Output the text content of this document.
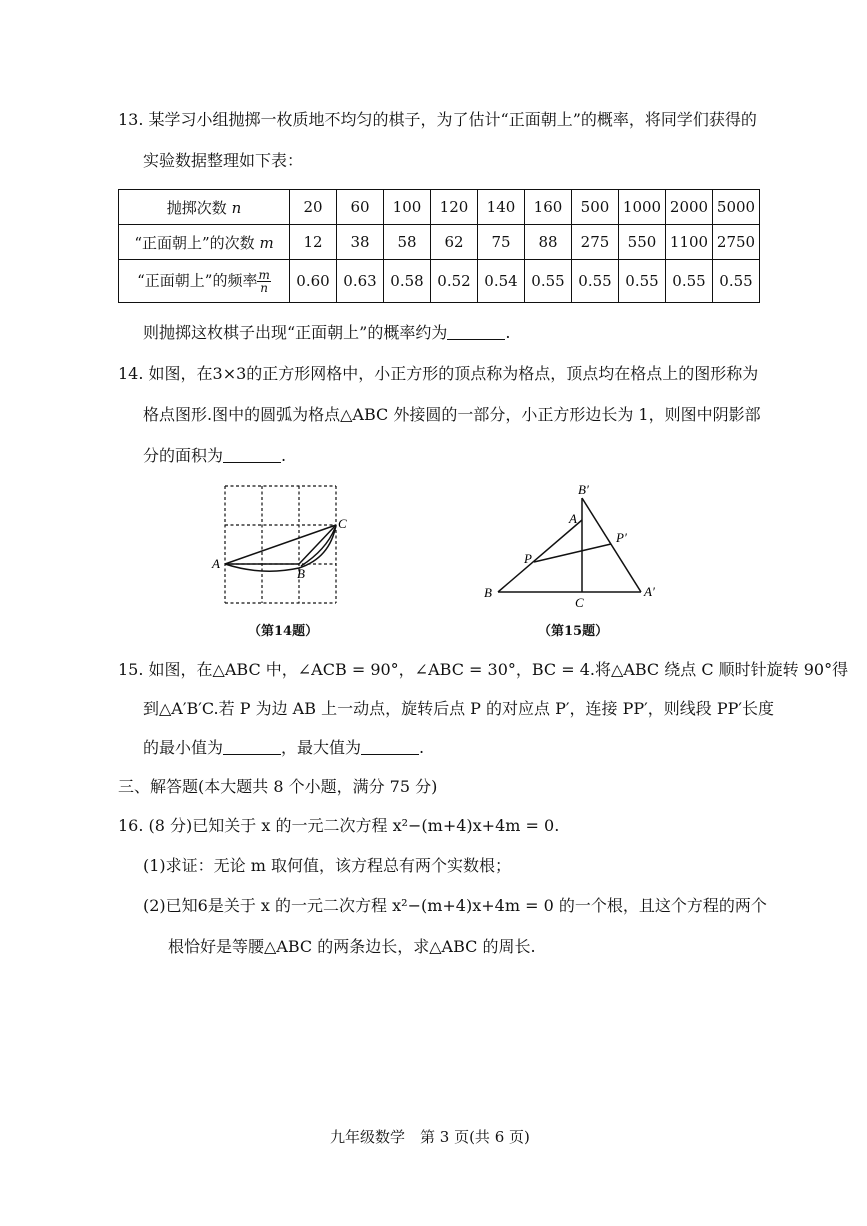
13. 某学习小组抛掷一枚质地不均匀的棋子，为了估计“正面朝上”的概率，将同学们获得的
实验数据整理如下表：
抛掷次数 n	20	60	100	120	140	160	500	1000	2000	5000
“正面朝上”的次数 m	12	38	58	62	75	88	275	550	1100	2750
“正面朝上”的频率 $\frac{m}{n}$	0.60	0.63	0.58	0.52	0.54	0.55	0.55	0.55	0.55	0.55
则抛掷这枚棋子出现“正面朝上”的概率约为	.
14. 如图，在3×3的正方形网格中，小正方形的顶点称为格点，顶点均在格点上的图形称为
格点图形.图中的圆弧为格点△ABC 外接圆的一部分，小正方形边长为 1，则图中阴影部
分的面积为	.
A
B
C
（第14题）
B′
A
P′
P
B
C
A′
（第15题）
15. 如图，在△ABC 中，∠ACB = 90°，∠ABC = 30°，BC = 4.将△ABC 绕点 C 顺时针旋转 90°得
到△A′B′C.若 P 为边 AB 上一动点，旋转后点 P 的对应点 P′，连接 PP′，则线段 PP′长度
的最小值为	，最大值为	.
三、解答题(本大题共 8 个小题，满分 75 分)
16. (8 分)已知关于 x 的一元二次方程 x²−(m+4)x+4m = 0.
(1)求证：无论 m 取何值，该方程总有两个实数根；
(2)已知6是关于 x 的一元二次方程 x²−(m+4)x+4m = 0 的一个根，且这个方程的两个
根恰好是等腰△ABC 的两条边长，求△ABC 的周长.
九年级数学　第 3 页(共 6 页)
